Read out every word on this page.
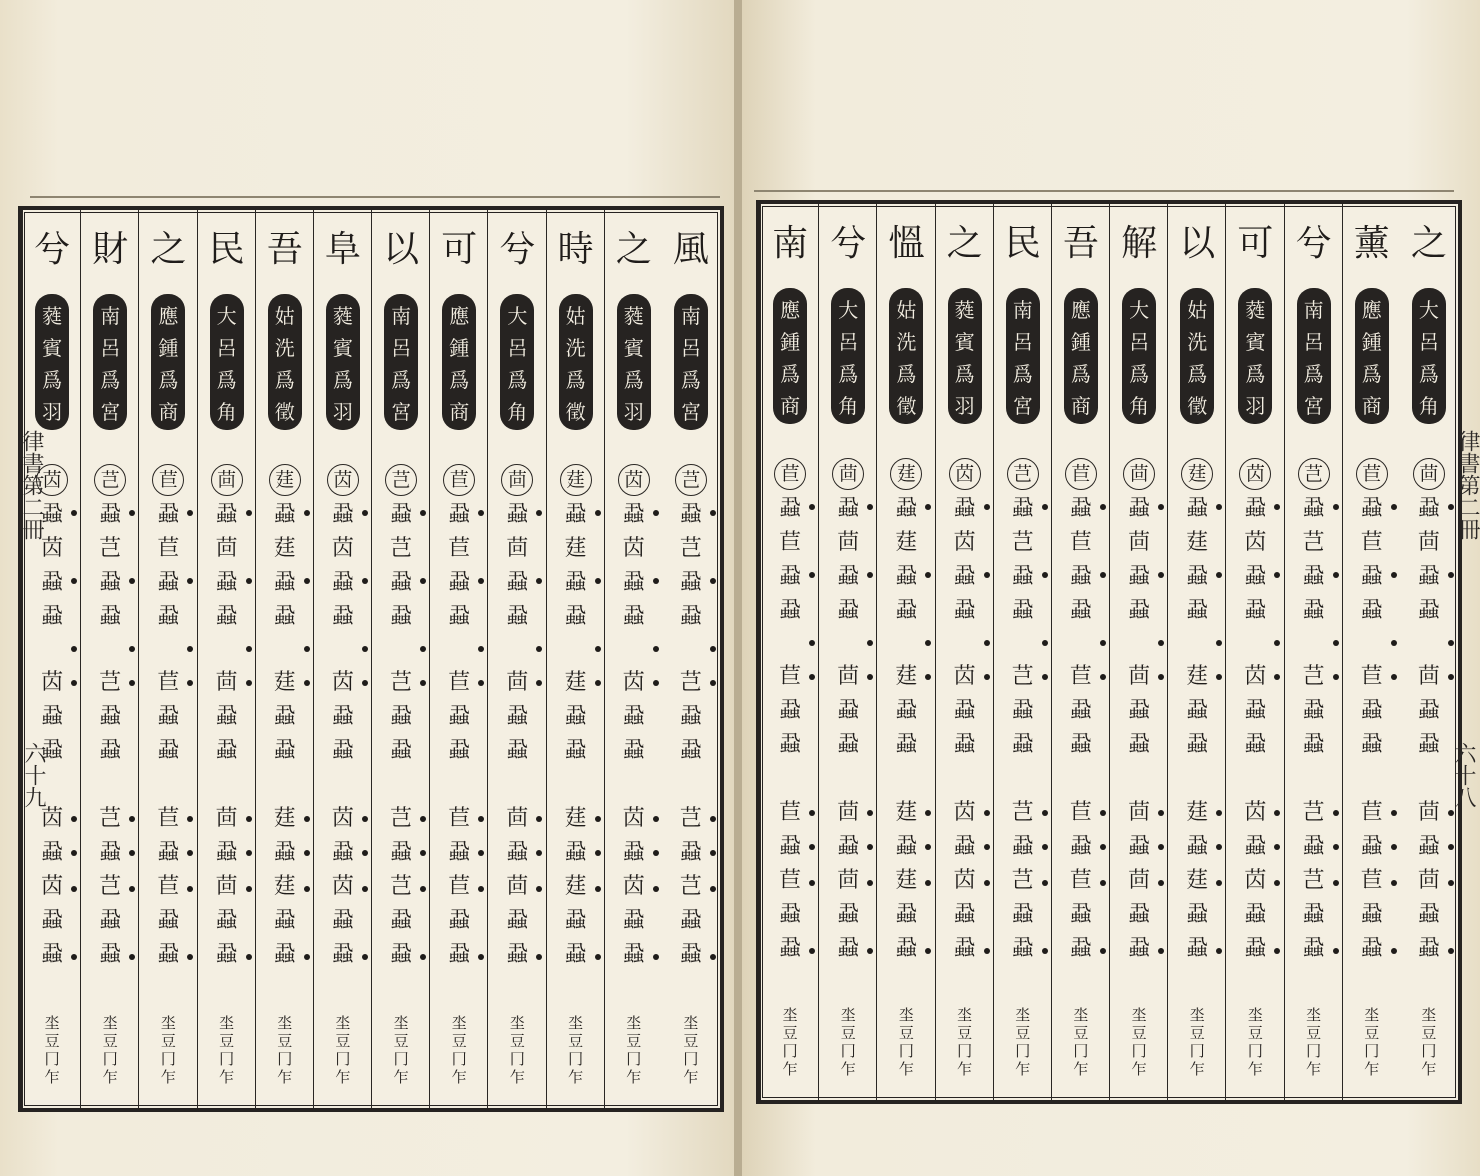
風
南
呂
爲
宮
芑
蝨
芑
蝨
蝨
芑
蝨
蝨
芑
蝨
芑
蝨
蝨
坔
豆
冂
乍
之
蕤
賓
爲
羽
苬
蝨
苬
蝨
蝨
苬
蝨
蝨
苬
蝨
苬
蝨
蝨
坔
豆
冂
乍
時
姑
洗
爲
徵
莛
蝨
莛
蝨
蝨
莛
蝨
蝨
莛
蝨
莛
蝨
蝨
坔
豆
冂
乍
兮
大
呂
爲
角
茴
蝨
茴
蝨
蝨
茴
蝨
蝨
茴
蝨
茴
蝨
蝨
坔
豆
冂
乍
可
應
鍾
爲
商
苣
蝨
苣
蝨
蝨
苣
蝨
蝨
苣
蝨
苣
蝨
蝨
坔
豆
冂
乍
以
南
呂
爲
宮
芑
蝨
芑
蝨
蝨
芑
蝨
蝨
芑
蝨
芑
蝨
蝨
坔
豆
冂
乍
阜
蕤
賓
爲
羽
苬
蝨
苬
蝨
蝨
苬
蝨
蝨
苬
蝨
苬
蝨
蝨
坔
豆
冂
乍
吾
姑
洗
爲
徵
莛
蝨
莛
蝨
蝨
莛
蝨
蝨
莛
蝨
莛
蝨
蝨
坔
豆
冂
乍
民
大
呂
爲
角
茴
蝨
茴
蝨
蝨
茴
蝨
蝨
茴
蝨
茴
蝨
蝨
坔
豆
冂
乍
之
應
鍾
爲
商
苣
蝨
苣
蝨
蝨
苣
蝨
蝨
苣
蝨
苣
蝨
蝨
坔
豆
冂
乍
財
南
呂
爲
宮
芑
蝨
芑
蝨
蝨
芑
蝨
蝨
芑
蝨
芑
蝨
蝨
坔
豆
冂
乍
兮
蕤
賓
爲
羽
苬
蝨
苬
蝨
蝨
苬
蝨
蝨
苬
蝨
苬
蝨
蝨
坔
豆
冂
乍
律書第二冊
六十九
之
大
呂
爲
角
茴
蝨
茴
蝨
蝨
茴
蝨
蝨
茴
蝨
茴
蝨
蝨
坔
豆
冂
乍
薰
應
鍾
爲
商
苣
蝨
苣
蝨
蝨
苣
蝨
蝨
苣
蝨
苣
蝨
蝨
坔
豆
冂
乍
兮
南
呂
爲
宮
芑
蝨
芑
蝨
蝨
芑
蝨
蝨
芑
蝨
芑
蝨
蝨
坔
豆
冂
乍
可
蕤
賓
爲
羽
苬
蝨
苬
蝨
蝨
苬
蝨
蝨
苬
蝨
苬
蝨
蝨
坔
豆
冂
乍
以
姑
洗
爲
徵
莛
蝨
莛
蝨
蝨
莛
蝨
蝨
莛
蝨
莛
蝨
蝨
坔
豆
冂
乍
解
大
呂
爲
角
茴
蝨
茴
蝨
蝨
茴
蝨
蝨
茴
蝨
茴
蝨
蝨
坔
豆
冂
乍
吾
應
鍾
爲
商
苣
蝨
苣
蝨
蝨
苣
蝨
蝨
苣
蝨
苣
蝨
蝨
坔
豆
冂
乍
民
南
呂
爲
宮
芑
蝨
芑
蝨
蝨
芑
蝨
蝨
芑
蝨
芑
蝨
蝨
坔
豆
冂
乍
之
蕤
賓
爲
羽
苬
蝨
苬
蝨
蝨
苬
蝨
蝨
苬
蝨
苬
蝨
蝨
坔
豆
冂
乍
慍
姑
洗
爲
徵
莛
蝨
莛
蝨
蝨
莛
蝨
蝨
莛
蝨
莛
蝨
蝨
坔
豆
冂
乍
兮
大
呂
爲
角
茴
蝨
茴
蝨
蝨
茴
蝨
蝨
茴
蝨
茴
蝨
蝨
坔
豆
冂
乍
南
應
鍾
爲
商
苣
蝨
苣
蝨
蝨
苣
蝨
蝨
苣
蝨
苣
蝨
蝨
坔
豆
冂
乍
律書第二冊
六十八
